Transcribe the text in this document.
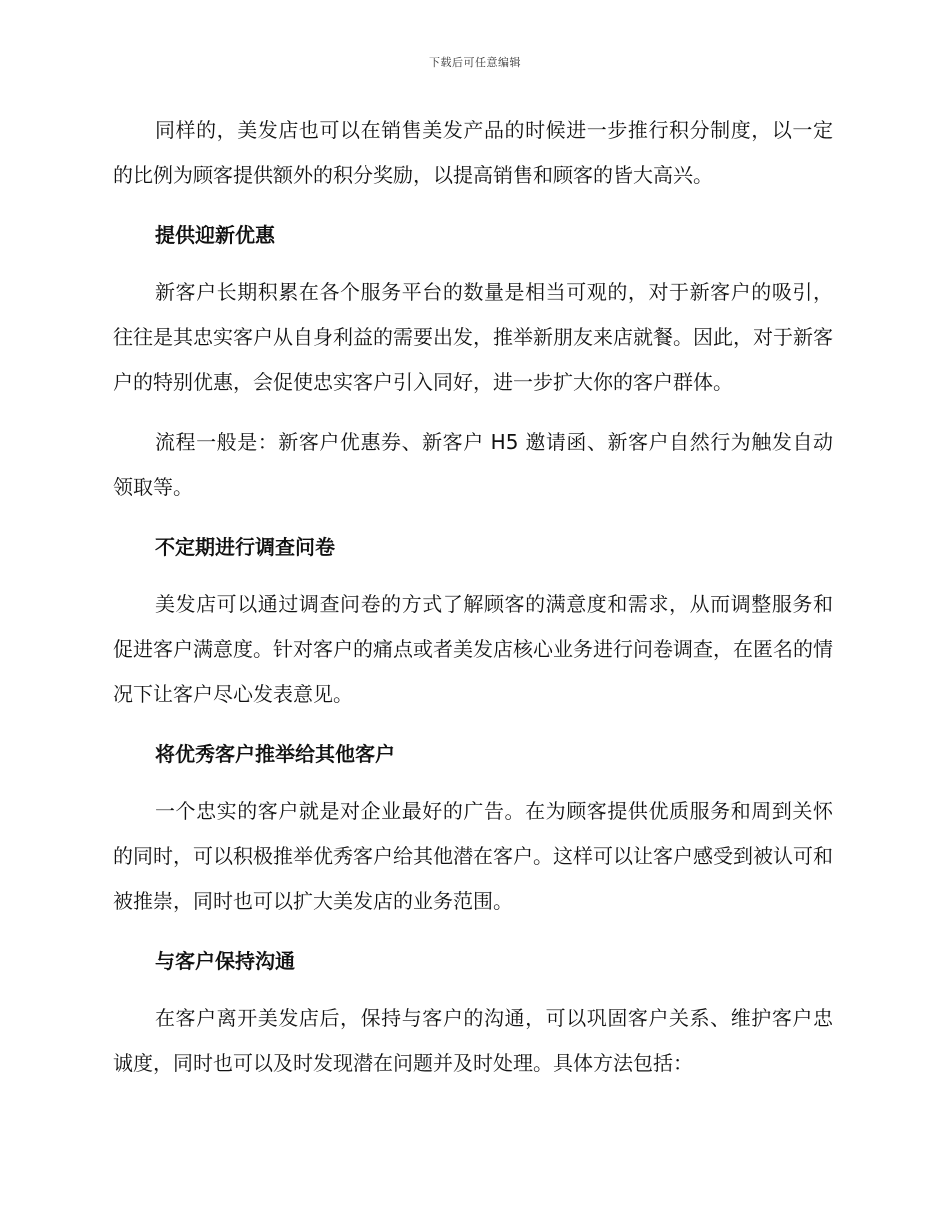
下载后可任意编辑

同样的，美发店也可以在销售美发产品的时候进一步推行积分制度，以一定的比例为顾客提供额外的积分奖励，以提高销售和顾客的皆大高兴。

提供迎新优惠

新客户长期积累在各个服务平台的数量是相当可观的，对于新客户的吸引，往往是其忠实客户从自身利益的需要出发，推举新朋友来店就餐。因此，对于新客户的特别优惠，会促使忠实客户引入同好，进一步扩大你的客户群体。

流程一般是：新客户优惠券、新客户 H5 邀请函、新客户自然行为触发自动领取等。

不定期进行调查问卷

美发店可以通过调查问卷的方式了解顾客的满意度和需求，从而调整服务和促进客户满意度。针对客户的痛点或者美发店核心业务进行问卷调查，在匿名的情况下让客户尽心发表意见。

将优秀客户推举给其他客户

一个忠实的客户就是对企业最好的广告。在为顾客提供优质服务和周到关怀的同时，可以积极推举优秀客户给其他潜在客户。这样可以让客户感受到被认可和被推崇，同时也可以扩大美发店的业务范围。

与客户保持沟通

在客户离开美发店后，保持与客户的沟通，可以巩固客户关系、维护客户忠诚度，同时也可以及时发现潜在问题并及时处理。具体方法包括：
